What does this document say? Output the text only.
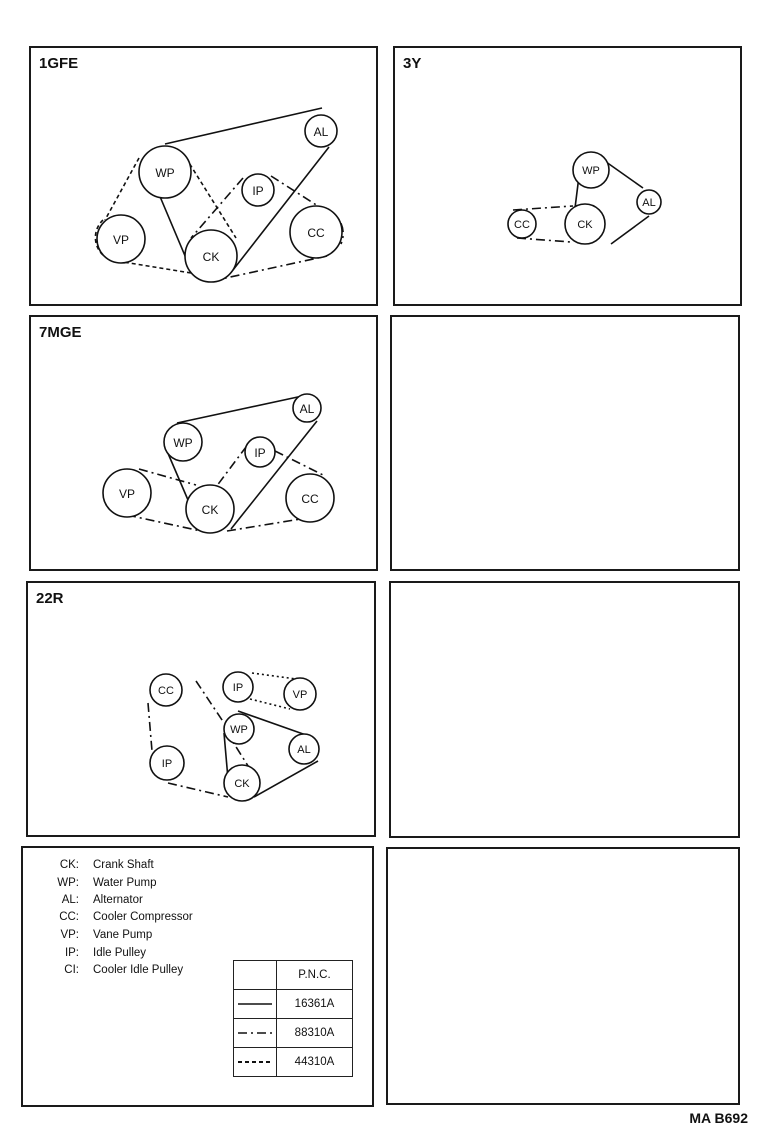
1GFE
WP
AL
IP
CC
VP
CK
3Y
WP
AL
CC	CK
7MGE
WP
AL
IP
CC
VP
CK
22R
CC	IP
VP
WP
AL
IP
CK
CK: Crank Shaft
WP: Water Pump
AL: Alternator
CC: Cooler Compressor
VP: Vane Pump
IP: Idle Pulley
CI: Cooler Idle Pulley
		P.N.C.

	16361A

	88310A

	44310A
MA B692
